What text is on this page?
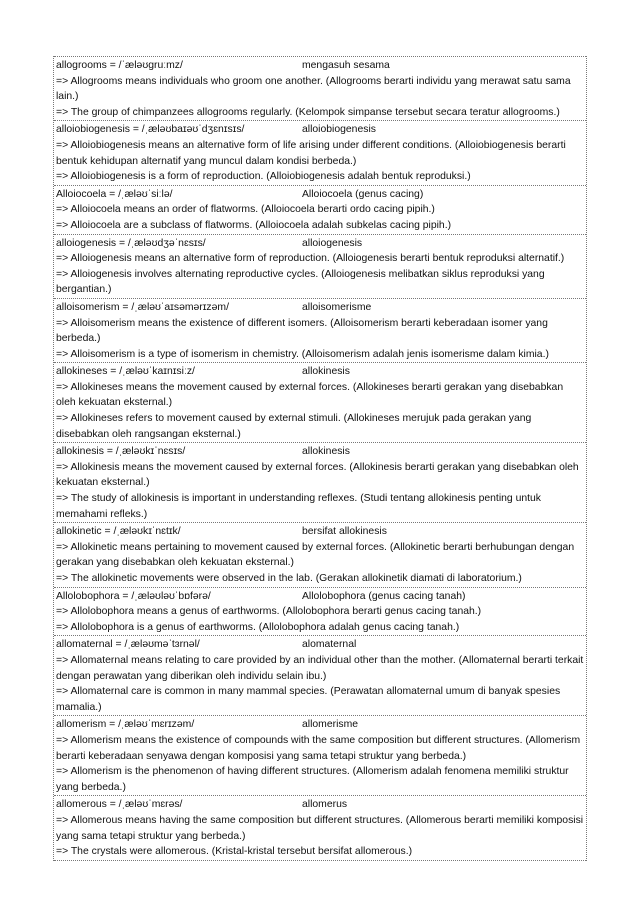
allogrooms = /ˈæləʊɡruːmz/	mengasuh sesama
=> Allogrooms means individuals who groom one another. (Allogrooms berarti individu yang merawat satu sama lain.)
=> The group of chimpanzees allogrooms regularly. (Kelompok simpanse tersebut secara teratur allogrooms.)
alloiobiogenesis = /ˌæləʊbaɪəʊˈdʒɛnɪsɪs/	alloiobiogenesis
=> Alloiobiogenesis means an alternative form of life arising under different conditions. (Alloiobiogenesis berarti bentuk kehidupan alternatif yang muncul dalam kondisi berbeda.)
=> Alloiobiogenesis is a form of reproduction. (Alloiobiogenesis adalah bentuk reproduksi.)
Alloiocoela = /ˌæləʊˈsiːlə/	Alloiocoela (genus cacing)
=> Alloiocoela means an order of flatworms. (Alloiocoela berarti ordo cacing pipih.)
=> Alloiocoela are a subclass of flatworms. (Alloiocoela adalah subkelas cacing pipih.)
alloiogenesis = /ˌæləʊdʒəˈnɛsɪs/	alloiogenesis
=> Alloiogenesis means an alternative form of reproduction. (Alloiogenesis berarti bentuk reproduksi alternatif.)
=> Alloiogenesis involves alternating reproductive cycles. (Alloiogenesis melibatkan siklus reproduksi yang bergantian.)
alloisomerism = /ˌæləʊˈaɪsəmərɪzəm/	alloisomerisme
=> Alloisomerism means the existence of different isomers. (Alloisomerism berarti keberadaan isomer yang berbeda.)
=> Alloisomerism is a type of isomerism in chemistry. (Alloisomerism adalah jenis isomerisme dalam kimia.)
allokineses = /ˌæləʊˈkaɪnɪsiːz/	allokinesis
=> Allokineses means the movement caused by external forces. (Allokineses berarti gerakan yang disebabkan oleh kekuatan eksternal.)
=> Allokineses refers to movement caused by external stimuli. (Allokineses merujuk pada gerakan yang disebabkan oleh rangsangan eksternal.)
allokinesis = /ˌæləʊkɪˈnɛsɪs/	allokinesis
=> Allokinesis means the movement caused by external forces. (Allokinesis berarti gerakan yang disebabkan oleh kekuatan eksternal.)
=> The study of allokinesis is important in understanding reflexes. (Studi tentang allokinesis penting untuk memahami refleks.)
allokinetic = /ˌæləʊkɪˈnɛtɪk/	bersifat allokinesis
=> Allokinetic means pertaining to movement caused by external forces. (Allokinetic berarti berhubungan dengan gerakan yang disebabkan oleh kekuatan eksternal.)
=> The allokinetic movements were observed in the lab. (Gerakan allokinetik diamati di laboratorium.)
Allolobophora = /ˌæləʊləʊˈbɒfərə/	Allolobophora (genus cacing tanah)
=> Allolobophora means a genus of earthworms. (Allolobophora berarti genus cacing tanah.)
=> Allolobophora is a genus of earthworms. (Allolobophora adalah genus cacing tanah.)
allomaternal = /ˌæləʊməˈtɜrnəl/	alomaternal
=> Allomaternal means relating to care provided by an individual other than the mother. (Allomaternal berarti terkait dengan perawatan yang diberikan oleh individu selain ibu.)
=> Allomaternal care is common in many mammal species. (Perawatan allomaternal umum di banyak spesies mamalia.)
allomerism = /ˌæləʊˈmɛrɪzəm/	allomerisme
=> Allomerism means the existence of compounds with the same composition but different structures. (Allomerism berarti keberadaan senyawa dengan komposisi yang sama tetapi struktur yang berbeda.)
=> Allomerism is the phenomenon of having different structures. (Allomerism adalah fenomena memiliki struktur yang berbeda.)
allomerous = /ˌæləʊˈmɛrəs/	allomerus
=> Allomerous means having the same composition but different structures. (Allomerous berarti memiliki komposisi yang sama tetapi struktur yang berbeda.)
=> The crystals were allomerous. (Kristal-kristal tersebut bersifat allomerous.)
